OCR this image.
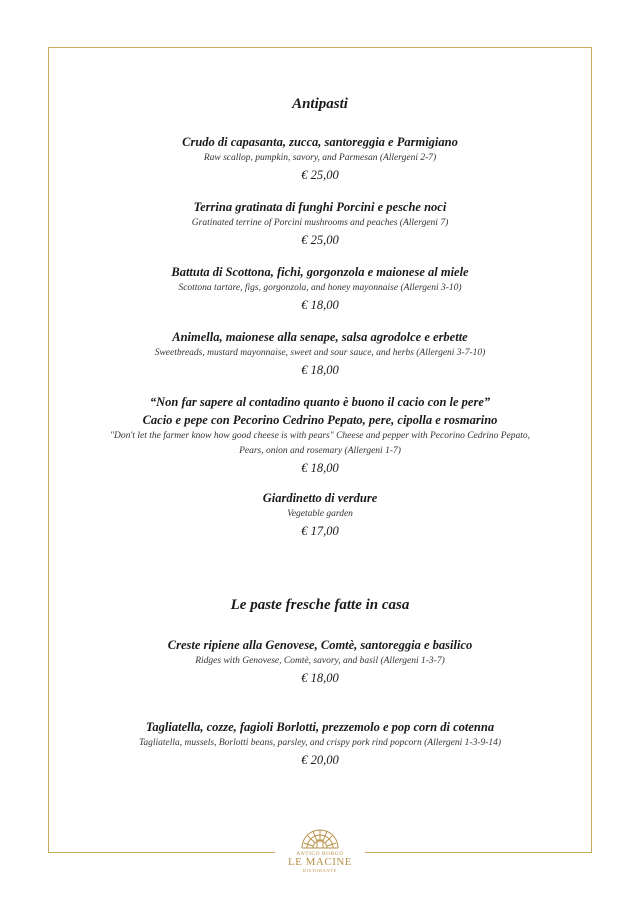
Antipasti
Crudo di capasanta, zucca, santoreggia e Parmigiano
Raw scallop, pumpkin, savory, and Parmesan (Allergeni 2-7)
€ 25,00
Terrina gratinata di funghi Porcini e pesche noci
Gratinated terrine of Porcini mushrooms and peaches (Allergeni 7)
€ 25,00
Battuta di Scottona, fichi, gorgonzola e maionese al miele
Scottona tartare, figs, gorgonzola, and honey mayonnaise (Allergeni 3-10)
€ 18,00
Animella, maionese alla senape, salsa agrodolce e erbette
Sweetbreads, mustard mayonnaise, sweet and sour sauce, and herbs (Allergeni 3-7-10)
€ 18,00
“Non far sapere al contadino quanto è buono il cacio con le pere”
Cacio e pepe con Pecorino Cedrino Pepato, pere, cipolla e rosmarino
"Don't let the farmer know how good cheese is with pears" Cheese and pepper with Pecorino Cedrino Pepato,
Pears, onion and rosemary (Allergeni 1-7)
€ 18,00
Giardinetto di verdure
Vegetable garden
€ 17,00
Le paste fresche fatte in casa
Creste ripiene alla Genovese, Comtè, santoreggia e basilico
Ridges with Genovese, Comtè, savory, and basil (Allergeni 1-3-7)
€ 18,00
Tagliatella, cozze, fagioli Borlotti, prezzemolo e pop corn di cotenna
Tagliatella, mussels, Borlotti beans, parsley, and crispy pork rind popcorn (Allergeni 1-3-9-14)
€ 20,00
ANTICO BORGO
LE MACINE
RISTORANTE
